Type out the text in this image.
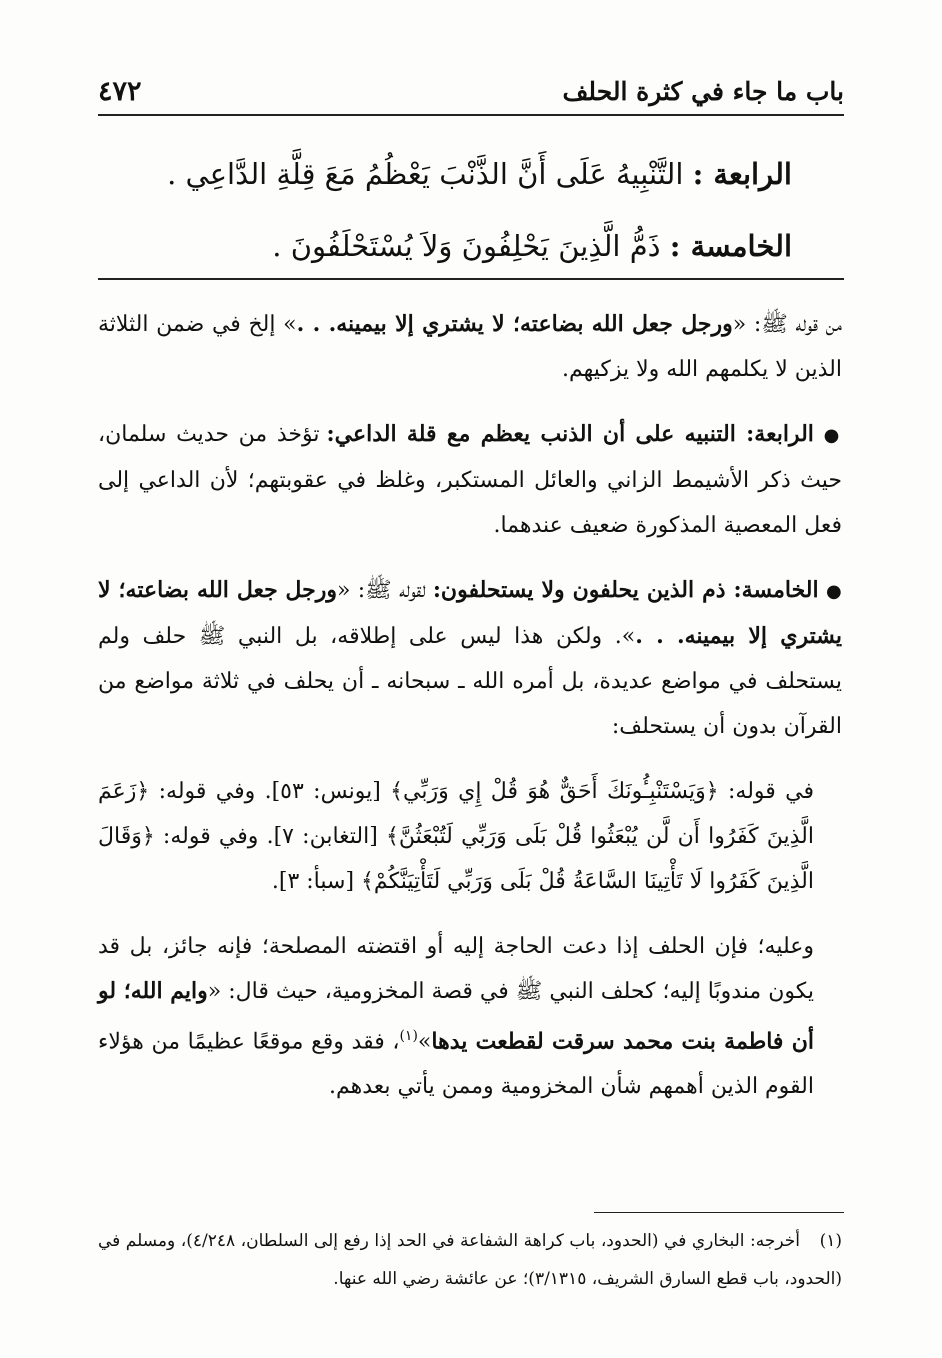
باب ما جاء في كثرة الحلف
٤٧٢
الرابعة : التَّنْبِيهُ عَلَى أَنَّ الذَّنْبَ يَعْظُمُ مَعَ قِلَّةِ الدَّاعِي .
الخامسة : ذَمُّ الَّذِينَ يَحْلِفُونَ وَلاَ يُسْتَحْلَفُونَ .

من قوله ﷺ: «ورجل جعل الله بضاعته؛ لا يشتري إلا بيمينه. . .» إلخ في ضمن الثلاثة الذين لا يكلمهم الله ولا يزكيهم.

● الرابعة: التنبيه على أن الذنب يعظم مع قلة الداعي: تؤخذ من حديث سلمان، حيث ذكر الأشيمط الزاني والعائل المستكبر، وغلظ في عقوبتهم؛ لأن الداعي إلى فعل المعصية المذكورة ضعيف عندهما.

● الخامسة: ذم الذين يحلفون ولا يستحلفون: لقوله ﷺ: «ورجل جعل الله بضاعته؛ لا يشتري إلا بيمينه. . .». ولكن هذا ليس على إطلاقه، بل النبي ﷺ حلف ولم يستحلف في مواضع عديدة، بل أمره الله ـ سبحانه ـ أن يحلف في ثلاثة مواضع من القرآن بدون أن يستحلف:

في قوله: ﴿وَيَسْتَنْبِـُٔونَكَ أَحَقٌّ هُوَ قُلْ إِي وَرَبِّي﴾ [يونس: ٥٣]. وفي قوله: ﴿زَعَمَ الَّذِينَ كَفَرُوا أَن لَّن يُبْعَثُوا قُلْ بَلَى وَرَبِّي لَتُبْعَثُنَّ﴾ [التغابن: ٧]. وفي قوله: ﴿وَقَالَ الَّذِينَ كَفَرُوا لَا تَأْتِينَا السَّاعَةُ قُلْ بَلَى وَرَبِّي لَتَأْتِيَنَّكُمْ﴾ [سبأ: ٣].

وعليه؛ فإن الحلف إذا دعت الحاجة إليه أو اقتضته المصلحة؛ فإنه جائز، بل قد يكون مندوبًا إليه؛ كحلف النبي ﷺ في قصة المخزومية، حيث قال: «وايم الله؛ لو أن فاطمة بنت محمد سرقت لقطعت يدها»$^{(١)}$، فقد وقع موقعًا عظيمًا من هؤلاء القوم الذين أهمهم شأن المخزومية وممن يأتي بعدهم.

(١)أخرجه: البخاري في (الحدود، باب كراهة الشفاعة في الحد إذا رفع إلى السلطان، ٤/٢٤٨)، ومسلم في (الحدود، باب قطع السارق الشريف، ٣/١٣١٥)؛ عن عائشة رضي الله عنها.
